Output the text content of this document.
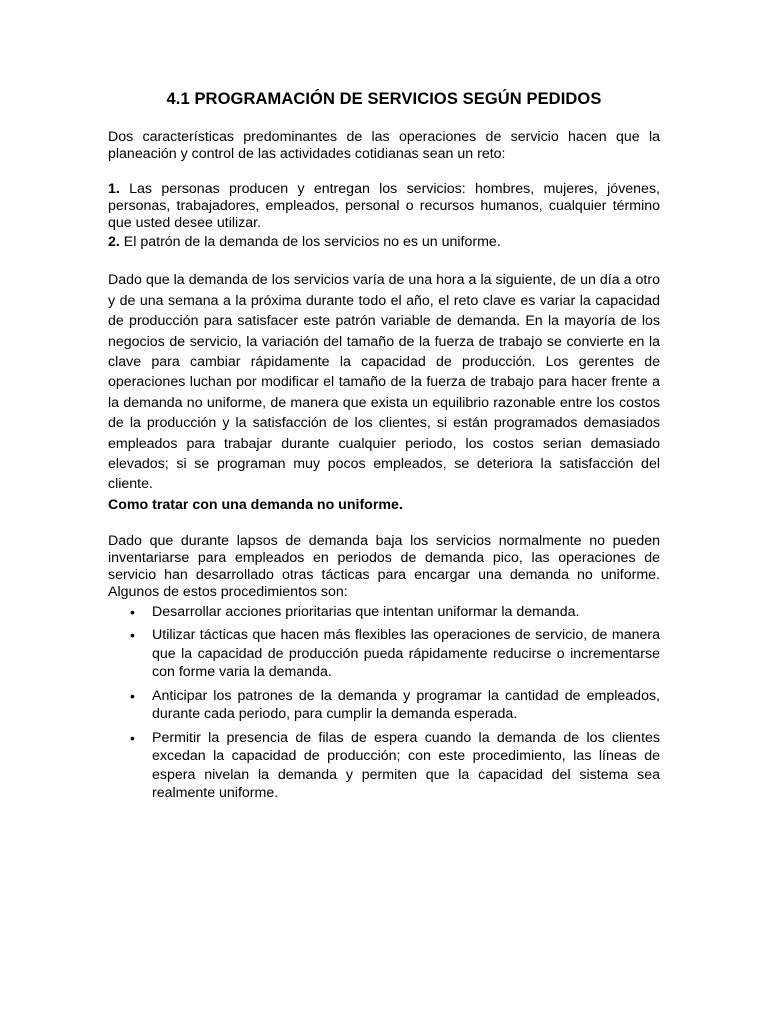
4.1 PROGRAMACIÓN DE SERVICIOS SEGÚN PEDIDOS

Dos características predominantes de las operaciones de servicio hacen que la planeación y control de las actividades cotidianas sean un reto:

1. Las personas producen y entregan los servicios: hombres, mujeres, jóvenes, personas, trabajadores, empleados, personal o recursos humanos, cualquier término que usted desee utilizar.

2. El patrón de la demanda de los servicios no es un uniforme.

Dado que la demanda de los servicios varía de una hora a la siguiente, de un día a otro y de una semana a la próxima durante todo el año, el reto clave es variar la capacidad de producción para satisfacer este patrón variable de demanda. En la mayoría de los negocios de servicio, la variación del tamaño de la fuerza de trabajo se convierte en la clave para cambiar rápidamente la capacidad de producción. Los gerentes de operaciones luchan por modificar el tamaño de la fuerza de trabajo para hacer frente a la demanda no uniforme, de manera que exista un equilibrio razonable entre los costos de la producción y la satisfacción de los clientes, si están programados demasiados empleados para trabajar durante cualquier periodo, los costos serian demasiado elevados; si se programan muy pocos empleados, se deteriora la satisfacción del cliente.

Como tratar con una demanda no uniforme.

Dado que durante lapsos de demanda baja los servicios normalmente no pueden inventariarse para empleados en periodos de demanda pico, las operaciones de servicio han desarrollado otras tácticas para encargar una demanda no uniforme. Algunos de estos procedimientos son:

• Desarrollar acciones prioritarias que intentan uniformar la demanda.
• Utilizar tácticas que hacen más flexibles las operaciones de servicio, de manera que la capacidad de producción pueda rápidamente reducirse o incrementarse con forme varia la demanda.
• Anticipar los patrones de la demanda y programar la cantidad de empleados, durante cada periodo, para cumplir la demanda esperada.
• Permitir la presencia de filas de espera cuando la demanda de los clientes excedan la capacidad de producción; con este procedimiento, las líneas de espera nivelan la demanda y permiten que la capacidad del sistema sea realmente uniforme.
